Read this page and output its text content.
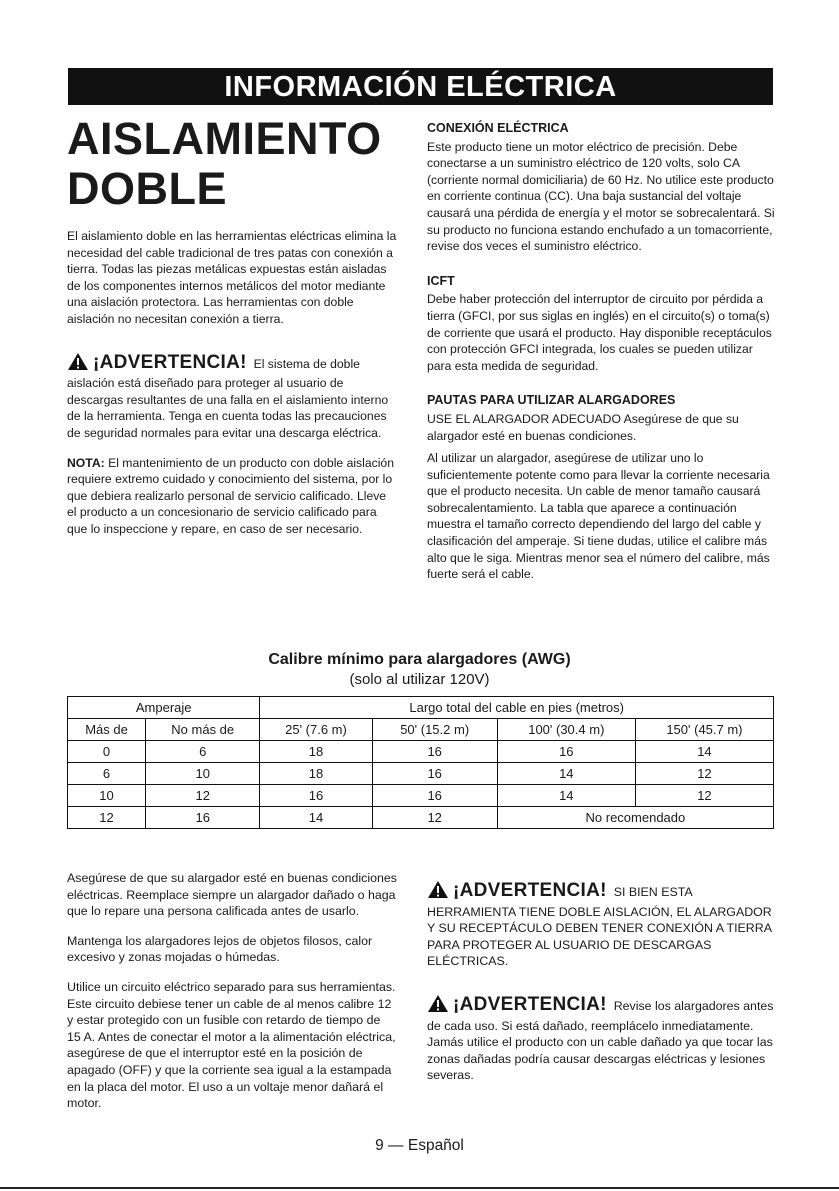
INFORMACIÓN ELÉCTRICA
AISLAMIENTO
DOBLE

El aislamiento doble en las herramientas eléctricas elimina la necesidad del cable tradicional de tres patas con conexión a tierra. Todas las piezas metálicas expuestas están aisladas de los componentes internos metálicos del motor mediante una aislación protectora. Las herramientas con doble aislación no necesitan conexión a tierra.

¡ADVERTENCIA! El sistema de doble aislación está diseñado para proteger al usuario de descargas resultantes de una falla en el aislamiento interno de la herramienta. Tenga en cuenta todas las precauciones de seguridad normales para evitar una descarga eléctrica.

NOTA: El mantenimiento de un producto con doble aislación requiere extremo cuidado y conocimiento del sistema, por lo que debiera realizarlo personal de servicio calificado. Lleve el producto a un concesionario de servicio calificado para que lo inspeccione y repare, en caso de ser necesario.

CONEXIÓN ELÉCTRICA

Este producto tiene un motor eléctrico de precisión. Debe conectarse a un suministro eléctrico de 120 volts, solo CA (corriente normal domiciliaria) de 60 Hz. No utilice este producto en corriente continua (CC). Una baja sustancial del voltaje causará una pérdida de energía y el motor se sobrecalentará. Si su producto no funciona estando enchufado a un tomacorriente, revise dos veces el suministro eléctrico.

ICFT

Debe haber protección del interruptor de circuito por pérdida a tierra (GFCI, por sus siglas en inglés) en el circuito(s) o toma(s) de corriente que usará el producto. Hay disponible receptáculos con protección GFCI integrada, los cuales se pueden utilizar para esta medida de seguridad.

PAUTAS PARA UTILIZAR ALARGADORES

USE EL ALARGADOR ADECUADO Asegúrese de que su alargador esté en buenas condiciones.

Al utilizar un alargador, asegúrese de utilizar uno lo suficientemente potente como para llevar la corriente necesaria que el producto necesita. Un cable de menor tamaño causará sobrecalentamiento. La tabla que aparece a continuación muestra el tamaño correcto dependiendo del largo del cable y clasificación del amperaje. Si tiene dudas, utilice el calibre más alto que le siga. Mientras menor sea el número del calibre, más fuerte será el cable.

Calibre mínimo para alargadores (AWG)
(solo al utilizar 120V)
Amperaje		Largo total del cable en pies (metros)			
Más de	No más de	25' (7.6 m)	50' (15.2 m)	100' (30.4 m)	150' (45.7 m)
0	6	18	16	16	14
6	10	18	16	14	12
10	12	16	16	14	12
12	16	14	12	No recomendado	

Asegúrese de que su alargador esté en buenas condiciones eléctricas. Reemplace siempre un alargador dañado o haga que lo repare una persona calificada antes de usarlo.

Mantenga los alargadores lejos de objetos filosos, calor excesivo y zonas mojadas o húmedas.

Utilice un circuito eléctrico separado para sus herramientas. Este circuito debiese tener un cable de al menos calibre 12 y estar protegido con un fusible con retardo de tiempo de 15 A. Antes de conectar el motor a la alimentación eléctrica, asegúrese de que el interruptor esté en la posición de apagado (OFF) y que la corriente sea igual a la estampada en la placa del motor. El uso a un voltaje menor dañará el motor.

¡ADVERTENCIA! SI BIEN ESTA HERRAMIENTA TIENE DOBLE AISLACIÓN, EL ALARGADOR Y SU RECEPTÁCULO DEBEN TENER CONEXIÓN A TIERRA PARA PROTEGER AL USUARIO DE DESCARGAS ELÉCTRICAS.

¡ADVERTENCIA! Revise los alargadores antes de cada uso. Si está dañado, reemplácelo inmediatamente. Jamás utilice el producto con un cable dañado ya que tocar las zonas dañadas podría causar descargas eléctricas y lesiones severas.

9 — Español
